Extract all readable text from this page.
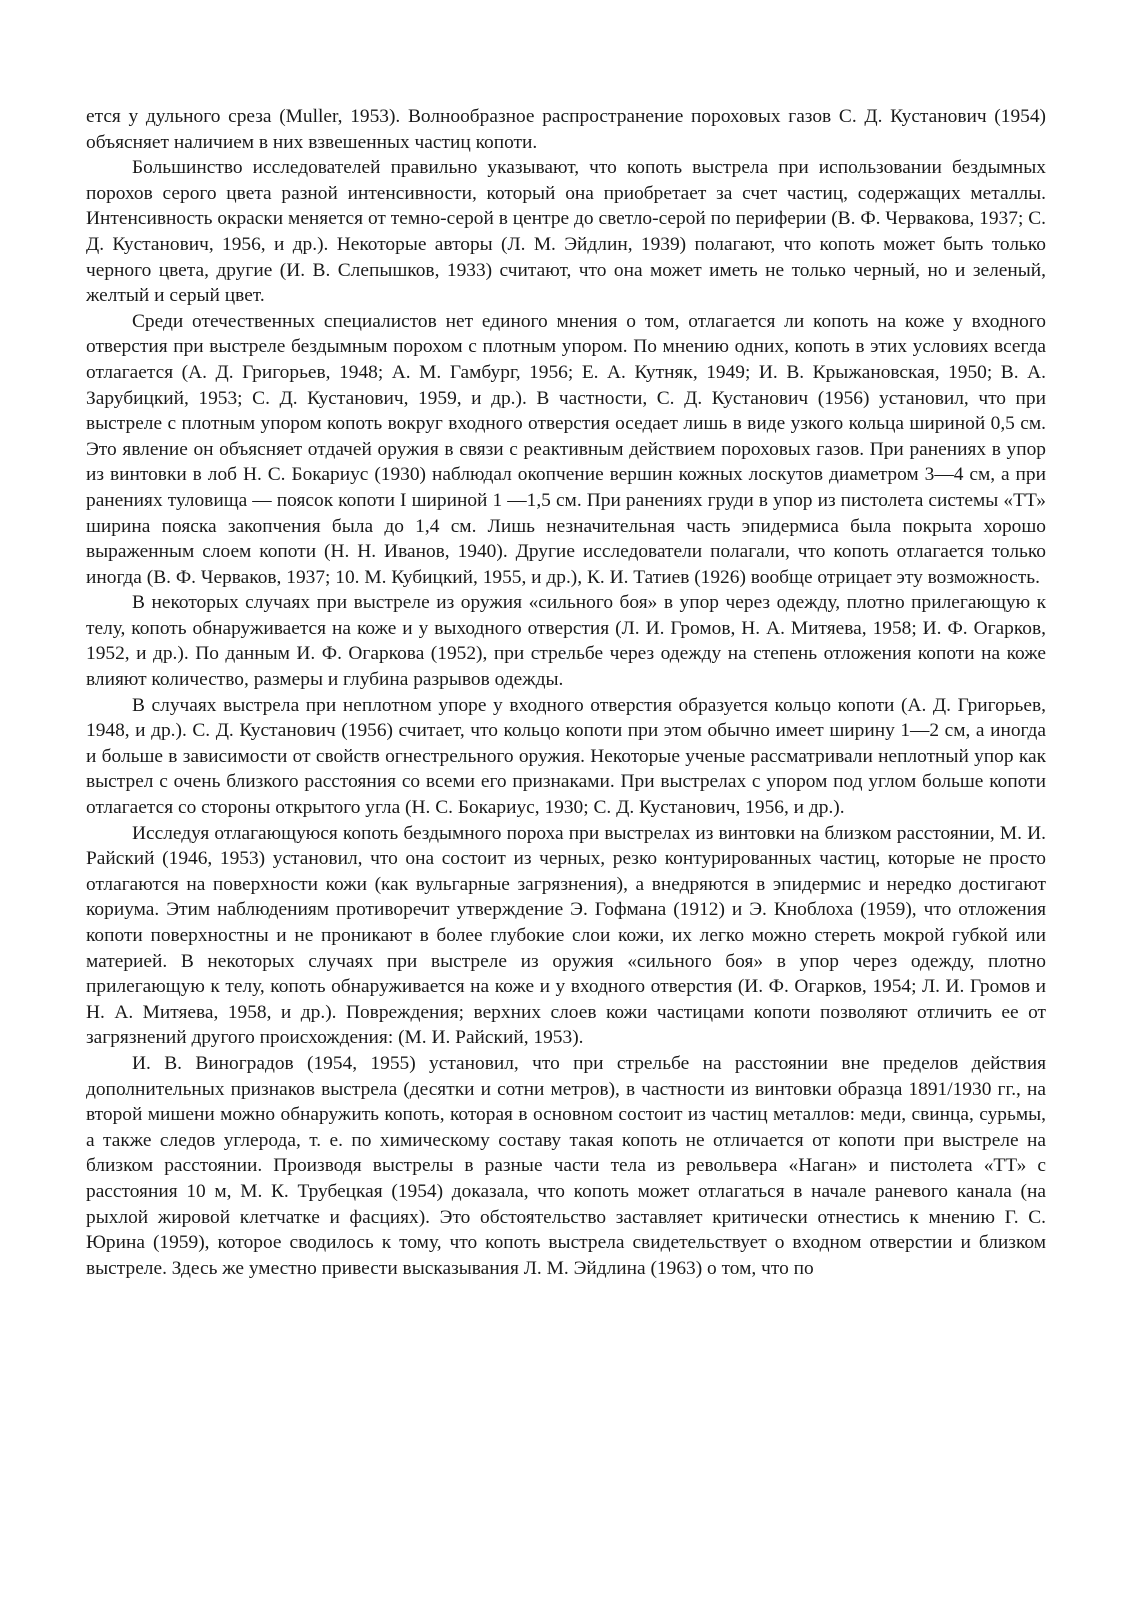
ется у дульного среза (Muller, 1953). Волнообразное распространение пороховых газов С. Д. Кустанович (1954) объясняет наличием в них взвешенных частиц копоти.

Большинство исследователей правильно указывают, что копоть выстрела при использовании бездымных порохов серого цвета разной интенсивности, который она приобретает за счет частиц, содержащих металлы. Интенсивность окраски меняется от темно-серой в центре до светло-серой по периферии (В. Ф. Червакова, 1937; С. Д. Кустанович, 1956, и др.). Некоторые авторы (Л. М. Эйдлин, 1939) полагают, что копоть может быть только черного цвета, другие (И. В. Слепышков, 1933) считают, что она может иметь не только черный, но и зеленый, желтый и серый цвет.

Среди отечественных специалистов нет единого мнения о том, отлагается ли копоть на коже у входного отверстия при выстреле бездымным порохом с плотным упором. По мнению одних, копоть в этих условиях всегда отлагается (А. Д. Григорьев, 1948; А. М. Гамбург, 1956; Е. А. Кутняк, 1949; И. В. Крыжановская, 1950; В. А. Зарубицкий, 1953; С. Д. Кустанович, 1959, и др.). В частности, С. Д. Кустанович (1956) установил, что при выстреле с плотным упором копоть вокруг входного отверстия оседает лишь в виде узкого кольца шириной 0,5 см. Это явление он объясняет отдачей оружия в связи с реактивным действием пороховых газов. При ранениях в упор из винтовки в лоб Н. С. Бокариус (1930) наблюдал окопчение вершин кожных лоскутов диаметром 3—4 см, а при ранениях туловища — поясок копоти I шириной 1 —1,5 см. При ранениях груди в упор из пистолета системы «ТТ» ширина пояска закопчения была до 1,4 см. Лишь незначительная часть эпидермиса была покрыта хорошо выраженным слоем копоти (Н. Н. Иванов, 1940). Другие исследователи полагали, что копоть отлагается только иногда (В. Ф. Черваков, 1937; 10. М. Кубицкий, 1955, и др.), К. И. Татиев (1926) вообще отрицает эту возможность.

В некоторых случаях при выстреле из оружия «сильного боя» в упор через одежду, плотно прилегающую к телу, копоть обнаруживается на коже и у выходного отверстия (Л. И. Громов, Н. А. Митяева, 1958; И. Ф. Огарков, 1952, и др.). По данным И. Ф. Огаркова (1952), при стрельбе через одежду на степень отложения копоти на коже влияют количество, размеры и глубина разрывов одежды.

В случаях выстрела при неплотном упоре у входного отверстия образуется кольцо копоти (А. Д. Григорьев, 1948, и др.). С. Д. Кустанович (1956) считает, что кольцо копоти при этом обычно имеет ширину 1—2 см, а иногда и больше в зависимости от свойств огнестрельного оружия. Некоторые ученые рассматривали неплотный упор как выстрел с очень близкого расстояния со всеми его признаками. При выстрелах с упором под углом больше копоти отлагается со стороны открытого угла (Н. С. Бокариус, 1930; С. Д. Кустанович, 1956, и др.).

Исследуя отлагающуюся копоть бездымного пороха при выстрелах из винтовки на близком расстоянии, М. И. Райский (1946, 1953) установил, что она состоит из черных, резко контурированных частиц, которые не просто отлагаются на поверхности кожи (как вульгарные загрязнения), а внедряются в эпидермис и нередко достигают кориума. Этим наблюдениям противоречит утверждение Э. Гофмана (1912) и Э. Кноблоха (1959), что отложения копоти поверхностны и не проникают в более глубокие слои кожи, их легко можно стереть мокрой губкой или материей. В некоторых случаях при выстреле из оружия «сильного боя» в упор через одежду, плотно прилегающую к телу, копоть обнаруживается на коже и у входного отверстия (И. Ф. Огарков, 1954; Л. И. Громов и Н. А. Митяева, 1958, и др.). Повреждения; верхних слоев кожи частицами копоти позволяют отличить ее от загрязнений другого происхождения: (М. И. Райский, 1953).

И. В. Виноградов (1954, 1955) установил, что при стрельбе на расстоянии вне пределов действия дополнительных признаков выстрела (десятки и сотни метров), в частности из винтовки образца 1891/1930 гг., на второй мишени можно обнаружить копоть, которая в основном состоит из частиц металлов: меди, свинца, сурьмы, а также следов углерода, т. е. по химическому составу такая копоть не отличается от копоти при выстреле на близком расстоянии. Производя выстрелы в разные части тела из револьвера «Наган» и пистолета «ТТ» с расстояния 10 м, М. К. Трубецкая (1954) доказала, что копоть может отлагаться в начале раневого канала (на рыхлой жировой клетчатке и фасциях). Это обстоятельство заставляет критически отнестись к мнению Г. С. Юрина (1959), которое сводилось к тому, что копоть выстрела свидетельствует о входном отверстии и близком выстреле. Здесь же уместно привести высказывания Л. М. Эйдлина (1963) о том, что по
